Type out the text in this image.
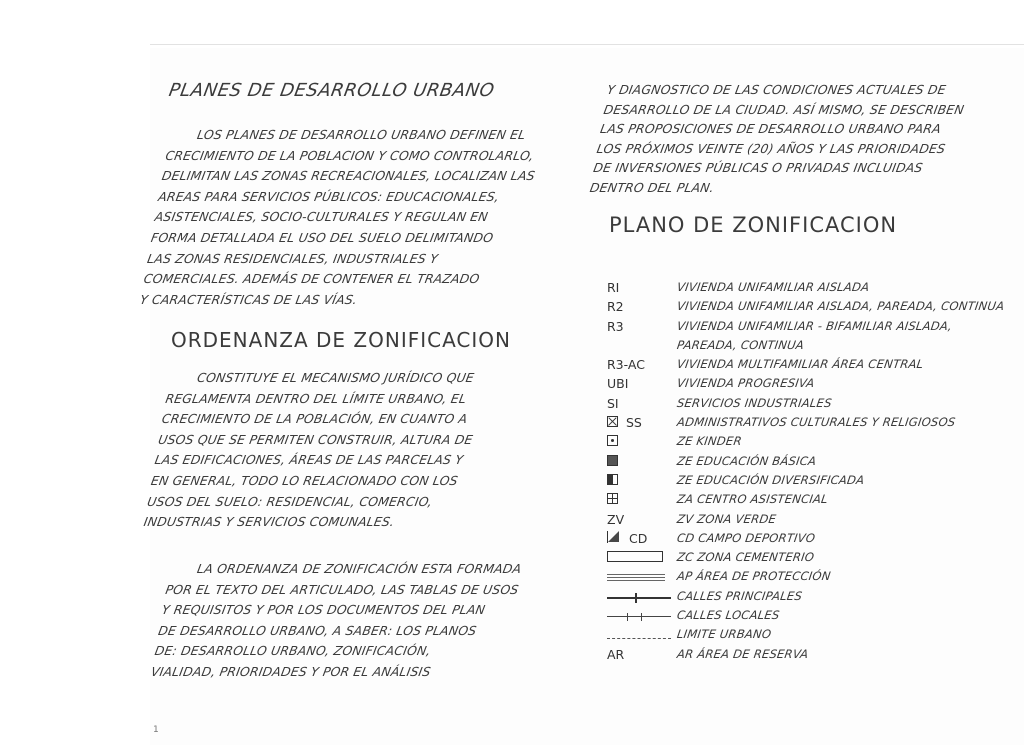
1
PLANES DE DESARROLLO URBANO
LOS PLANES DE DESARROLLO URBANO DEFINEN EL
CRECIMIENTO DE LA POBLACION Y COMO CONTROLARLO,
DELIMITAN LAS ZONAS RECREACIONALES, LOCALIZAN LAS
AREAS PARA SERVICIOS PÚBLICOS: EDUCACIONALES,
ASISTENCIALES, SOCIO-CULTURALES Y REGULAN EN
FORMA DETALLADA EL USO DEL SUELO DELIMITANDO
LAS ZONAS RESIDENCIALES, INDUSTRIALES Y
COMERCIALES. ADEMÁS DE CONTENER EL TRAZADO
Y CARACTERÍSTICAS DE LAS VÍAS.
ORDENANZA DE ZONIFICACION
CONSTITUYE EL MECANISMO JURÍDICO QUE
REGLAMENTA DENTRO DEL LÍMITE URBANO, EL
CRECIMIENTO DE LA POBLACIÓN, EN CUANTO A
USOS QUE SE PERMITEN CONSTRUIR, ALTURA DE
LAS EDIFICACIONES, ÁREAS DE LAS PARCELAS Y
EN GENERAL, TODO LO RELACIONADO CON LOS
USOS DEL SUELO: RESIDENCIAL, COMERCIO,
INDUSTRIAS Y SERVICIOS COMUNALES.
LA ORDENANZA DE ZONIFICACIÓN ESTA FORMADA
POR EL TEXTO DEL ARTICULADO, LAS TABLAS DE USOS
Y REQUISITOS Y POR LOS DOCUMENTOS DEL PLAN
DE DESARROLLO URBANO, A SABER: LOS PLANOS
DE: DESARROLLO URBANO, ZONIFICACIÓN,
VIALIDAD, PRIORIDADES Y POR EL ANÁLISIS
Y DIAGNOSTICO DE LAS CONDICIONES ACTUALES DE
DESARROLLO DE LA CIUDAD. ASÍ MISMO, SE DESCRIBEN
LAS PROPOSICIONES DE DESARROLLO URBANO PARA
LOS PRÓXIMOS VEINTE (20) AÑOS Y LAS PRIORIDADES
DE INVERSIONES PÚBLICAS O PRIVADAS INCLUIDAS
DENTRO DEL PLAN.
PLANO DE ZONIFICACION
RI	VIVIENDA UNIFAMILIAR AISLADA
R2	VIVIENDA UNIFAMILIAR AISLADA, PAREADA, CONTINUA
R3	VIVIENDA UNIFAMILIAR - BIFAMILIAR AISLADA,
PAREADA, CONTINUA
R3-AC	VIVIENDA MULTIFAMILIAR ÁREA CENTRAL
UBI	VIVIENDA PROGRESIVA
SI	SERVICIOS INDUSTRIALES
SS	ADMINISTRATIVOS CULTURALES Y RELIGIOSOS
ZE KINDER
ZE EDUCACIÓN BÁSICA
ZE EDUCACIÓN DIVERSIFICADA
ZA CENTRO ASISTENCIAL
ZV	ZV ZONA VERDE
CD CD CAMPO DEPORTIVO
ZC ZONA CEMENTERIO
AP ÁREA DE PROTECCIÓN
CALLES PRINCIPALES
CALLES LOCALES
LIMITE URBANO
AR	AR ÁREA DE RESERVA
